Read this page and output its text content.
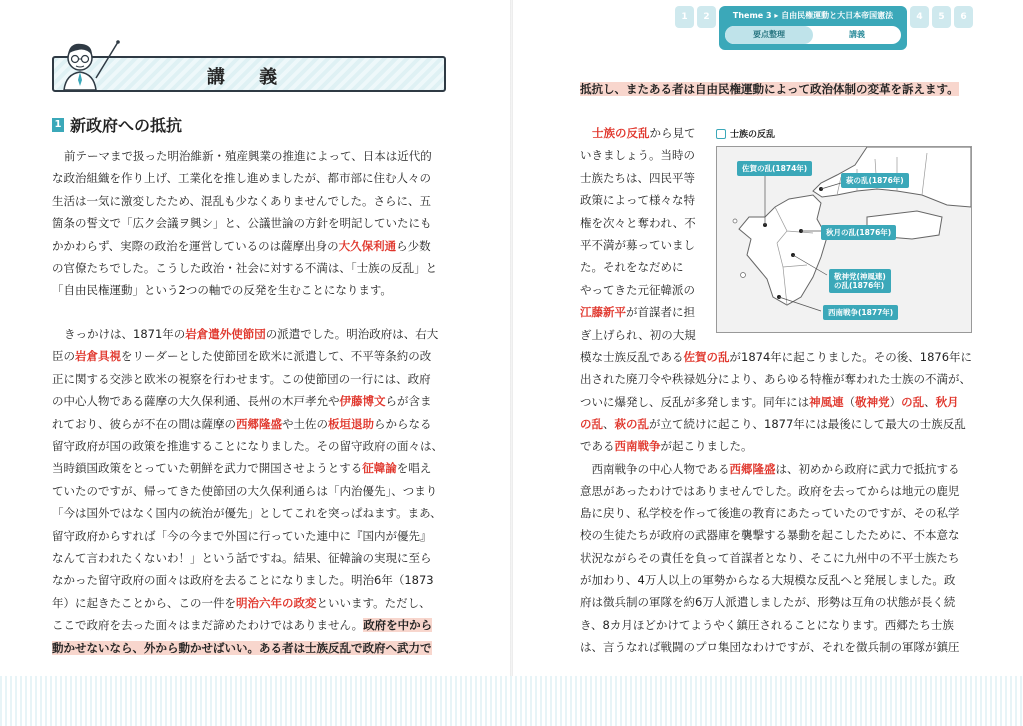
講 義
1 新政府への抵抗
前テーマまで扱った明治維新・殖産興業の推進によって、日本は近代的
な政治組織を作り上げ、工業化を推し進めましたが、都市部に住む人々の
生活は一気に激変したため、混乱も少なくありませんでした。さらに、五
箇条の誓文で「広ク会議ヲ興シ」と、公議世論の方針を明記していたにも
かかわらず、実際の政治を運営しているのは薩摩出身の大久保利通ら少数
の官僚たちでした。こうした政治・社会に対する不満は、「士族の反乱」と
「自由民権運動」という2つの軸での反発を生むことになります。
きっかけは、1871年の岩倉遣外使節団の派遣でした。明治政府は、右大
臣の岩倉具視をリーダーとした使節団を欧米に派遣して、不平等条約の改
正に関する交渉と欧米の視察を行わせます。この使節団の一行には、政府
の中心人物である薩摩の大久保利通、長州の木戸孝允や伊藤博文らが含ま
れており、彼らが不在の間は薩摩の西郷隆盛や土佐の板垣退助らからなる
留守政府が国の政策を推進することになりました。その留守政府の面々は、
当時鎖国政策をとっていた朝鮮を武力で開国させようとする征韓論を唱え
ていたのですが、帰ってきた使節団の大久保利通らは「内治優先」、つまり
「今は国外ではなく国内の統治が優先」としてこれを突っぱねます。まあ、
留守政府からすれば「今の今まで外国に行っていた連中に『国内が優先』
なんて言われたくないわ！」という話ですね。結果、征韓論の実現に至ら
なかった留守政府の面々は政府を去ることになりました。明治6年（1873
年）に起きたことから、この一件を明治六年の政変といいます。ただし、
ここで政府を去った面々はまだ諦めたわけではありません。政府を中から
動かせないなら、外から動かせばいい。ある者は士族反乱で政府へ武力で
1	2	Theme 3 ▸ 自由民権運動と大日本帝国憲法
要点整理	講義
4	5	6
抵抗し、またある者は自由民権運動によって政治体制の変革を訴えます。
士族の反乱から見て
いきましょう。当時の
士族たちは、四民平等
政策によって様々な特
権を次々と奪われ、不
平不満が募っていまし
た。それをなだめに
やってきた元征韓派の
江藤新平が首謀者に担
ぎ上げられ、初の大規
模な士族反乱である佐賀の乱が1874年に起こりました。その後、1876年に
出された廃刀令や秩禄処分により、あらゆる特権が奪われた士族の不満が、
ついに爆発し、反乱が多発します。同年には神風連（敬神党）の乱、秋月
の乱、萩の乱が立て続けに起こり、1877年には最後にして最大の士族反乱
である西南戦争が起こりました。
　西南戦争の中心人物である西郷隆盛は、初めから政府に武力で抵抗する
意思があったわけではありませんでした。政府を去ってからは地元の鹿児
島に戻り、私学校を作って後進の教育にあたっていたのですが、その私学
校の生徒たちが政府の武器庫を襲撃する暴動を起こしたために、不本意な
状況ながらその責任を負って首謀者となり、そこに九州中の不平士族たち
が加わり、4万人以上の軍勢からなる大規模な反乱へと発展しました。政
府は徴兵制の軍隊を約6万人派遣しましたが、形勢は互角の状態が長く続
き、8カ月ほどかけてようやく鎮圧されることになります。西郷たち士族
は、言うなれば戦闘のプロ集団なわけですが、それを徴兵制の軍隊が鎮圧
士族の反乱
佐賀の乱(1874年)
萩の乱(1876年)
秋月の乱(1876年)
敬神党(神風連)
の乱(1876年)
西南戦争(1877年)
